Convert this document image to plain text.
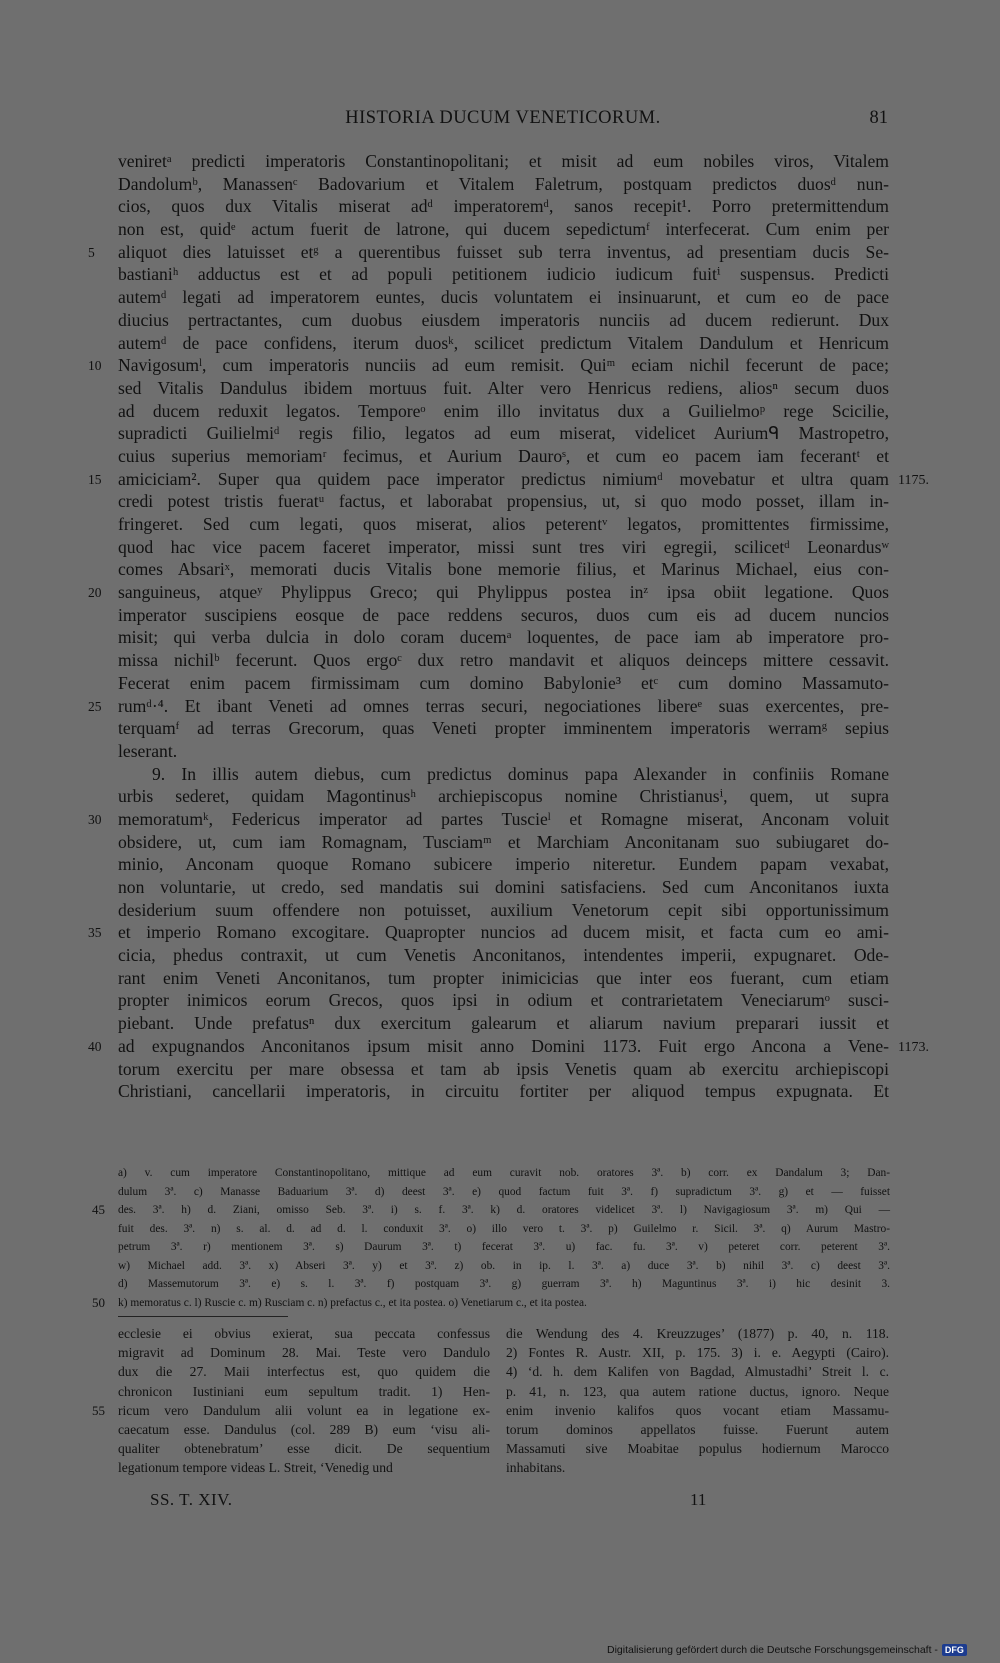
HISTORIA DUCUM VENETICORUM.	81
veniretᵃ predicti imperatoris Constantinopolitani; et misit ad eum nobiles viros, Vitalem
Dandolumᵇ, Manassenᶜ Badovarium et Vitalem Faletrum, postquam predictos duosᵈ nun-
cios, quos dux Vitalis miserat adᵈ imperatoremᵈ, sanos recepit¹. Porro pretermittendum
non est, quidᵉ actum fuerit de latrone, qui ducem sepedictumᶠ interfecerat. Cum enim per
5	aliquot dies latuisset etᵍ a querentibus fuisset sub terra inventus, ad presentiam ducis Se-
bastianiʰ adductus est et ad populi petitionem iudicio iudicum fuitⁱ suspensus. Predicti
autemᵈ legati ad imperatorem euntes, ducis voluntatem ei insinuarunt, et cum eo de pace
diucius pertractantes, cum duobus eiusdem imperatoris nunciis ad ducem redierunt. Dux
autemᵈ de pace confidens, iterum duosᵏ, scilicet predictum Vitalem Dandulum et Henricum
10 Navigosumˡ, cum imperatoris nunciis ad eum remisit. Quiᵐ eciam nichil fecerunt de pace;
sed Vitalis Dandulus ibidem mortuus fuit. Alter vero Henricus rediens, aliosⁿ secum duos
ad ducem reduxit legatos. Temporeᵒ enim illo invitatus dux a Guilielmoᵖ rege Scicilie,
supradicti Guilielmiᵈ regis filio, legatos ad eum miserat, videlicet Auriumᑫ Mastropetro,
cuius superius memoriamʳ fecimus, et Aurium Dauroˢ, et cum eo pacem iam fecerantᵗ et
15 amiciciam². Super qua quidem pace imperator predictus nimiumᵈ movebatur et ultra quam 1175.
credi potest tristis fueratᵘ factus, et laborabat propensius, ut, si quo modo posset, illam in-
fringeret. Sed cum legati, quos miserat, alios peterentᵛ legatos, promittentes firmissime,
quod hac vice pacem faceret imperator, missi sunt tres viri egregii, scilicetᵈ Leonardusʷ
comes Absariˣ, memorati ducis Vitalis bone memorie filius, et Marinus Michael, eius con-
20 sanguineus, atqueʸ Phylippus Greco; qui Phylippus postea inᶻ ipsa obiit legatione. Quos
imperator suscipiens eosque de pace reddens securos, duos cum eis ad ducem nuncios
misit; qui verba dulcia in dolo coram ducemᵃ loquentes, de pace iam ab imperatore pro-
missa nichilᵇ fecerunt. Quos ergoᶜ dux retro mandavit et aliquos deinceps mittere cessavit.
Fecerat enim pacem firmissimam cum domino Babylonie³ etᶜ cum domino Massamuto-
25 rumᵈ·⁴. Et ibant Veneti ad omnes terras securi, negociationes libereᵉ suas exercentes, pre-
terquamᶠ ad terras Grecorum, quas Veneti propter imminentem imperatoris werramᵍ sepius
leserant.
9. In illis autem diebus, cum predictus dominus papa Alexander in confiniis Romane
urbis sederet, quidam Magontinusʰ archiepiscopus nomine Christianusⁱ, quem, ut supra
30 memoratumᵏ, Federicus imperator ad partes Tuscieˡ et Romagne miserat, Anconam voluit
obsidere, ut, cum iam Romagnam, Tusciamᵐ et Marchiam Anconitanam suo subiugaret do-
minio, Anconam quoque Romano subicere imperio niteretur. Eundem papam vexabat,
non voluntarie, ut credo, sed mandatis sui domini satisfaciens. Sed cum Anconitanos iuxta
desiderium suum offendere non potuisset, auxilium Venetorum cepit sibi opportunissimum
35 et imperio Romano excogitare. Quapropter nuncios ad ducem misit, et facta cum eo ami-
cicia, phedus contraxit, ut cum Venetis Anconitanos, intendentes imperii, expugnaret. Ode-
rant enim Veneti Anconitanos, tum propter inimicicias que inter eos fuerant, cum etiam
propter inimicos eorum Grecos, quos ipsi in odium et contrarietatem Veneciarumᵒ susci-
piebant. Unde prefatusⁿ dux exercitum galearum et aliarum navium preparari iussit et
40 ad expugnandos Anconitanos ipsum misit anno Domini 1173. Fuit ergo Ancona a Vene- 1173.
torum exercitu per mare obsessa et tam ab ipsis Venetis quam ab exercitu archiepiscopi
Christiani, cancellarii imperatoris, in circuitu fortiter per aliquod tempus expugnata. Et
a) v. cum imperatore Constantinopolitano, mittique ad eum curavit nob. oratores 3ª. b) corr. ex Dandalum 3; Dan-
dulum 3ª. c) Manasse Baduarium 3ª. d) deest 3ª. e) quod factum fuit 3ª. f) supradictum 3ª. g) et — fuisset
45 des. 3ª. h) d. Ziani, omisso Seb. 3ª. i) s. f. 3ª. k) d. oratores videlicet 3ª. l) Navigagiosum 3ª. m) Qui —
fuit des. 3ª. n) s. al. d. ad d. l. conduxit 3ª. o) illo vero t. 3ª. p) Guilelmo r. Sicil. 3ª. q) Aurum Mastro-
petrum 3ª. r) mentionem 3ª. s) Daurum 3ª. t) fecerat 3ª. u) fac. fu. 3ª. v) peteret corr. peterent 3ª.
w) Michael add. 3ª. x) Abseri 3ª. y) et 3ª. z) ob. in ip. l. 3ª. a) duce 3ª. b) nihil 3ª. c) deest 3ª.
d) Massemutorum 3ª. e) s. l. 3ª. f) postquam 3ª. g) guerram 3ª. h) Maguntinus 3ª. i) hic desinit 3.
50 k) memoratus c. l) Ruscie c. m) Rusciam c. n) prefactus c., et ita postea. o) Venetiarum c., et ita postea.
ecclesie ei obvius exierat, sua peccata confessus
migravit ad Dominum 28. Mai. Teste vero Dandulo
dux die 27. Maii interfectus est, quo quidem die
chronicon Iustiniani eum sepultum tradit. 1) Hen-
55 ricum vero Dandulum alii volunt ea in legatione ex-
caecatum esse. Dandulus (col. 289 B) eum ‘visu ali-
qualiter obtenebratum’ esse dicit. De sequentium
legationum tempore videas L. Streit, ‘Venedig und
die Wendung des 4. Kreuzzuges’ (1877) p. 40, n. 118.
2) Fontes R. Austr. XII, p. 175. 3) i. e. Aegypti (Cairo).
4) ‘d. h. dem Kalifen von Bagdad, Almustadhi’ Streit l. c.
p. 41, n. 123, qua autem ratione ductus, ignoro. Neque
enim invenio kalifos quos vocant etiam Massamu-
torum dominos appellatos fuisse. Fuerunt autem
Massamuti sive Moabitae populus hodiernum Marocco
inhabitans.
SS. T. XIV.	11
Digitalisierung gefördert durch die Deutsche Forschungsgemeinschaft - DFG
